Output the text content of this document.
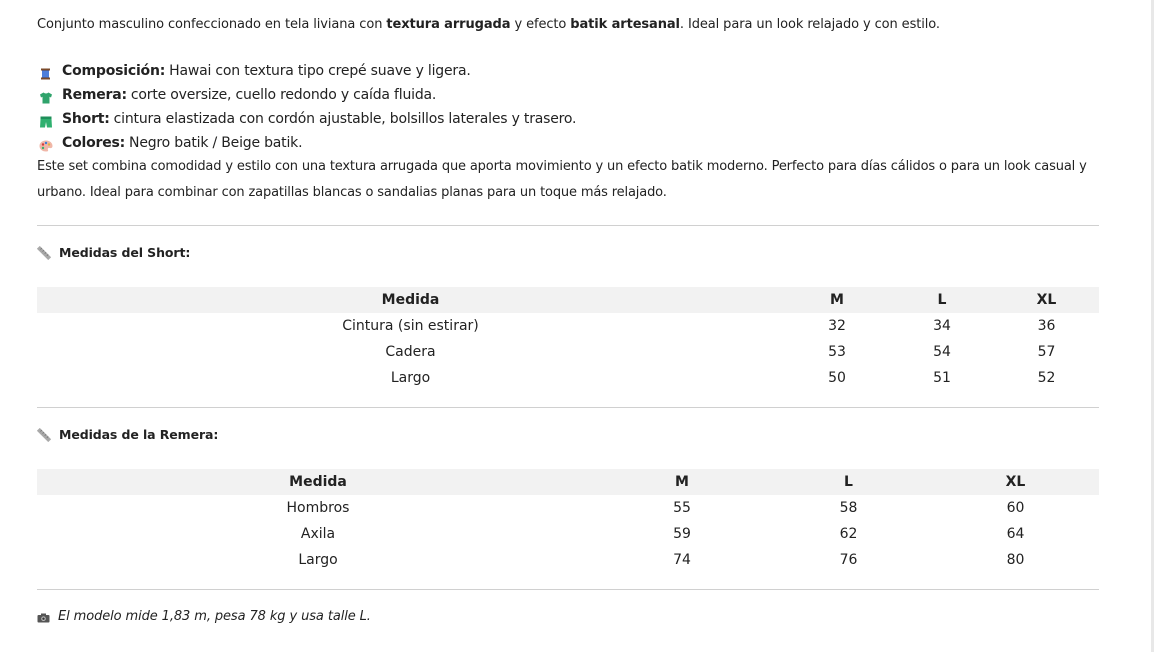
Conjunto masculino confeccionado en tela liviana con textura arrugada y efecto batik artesanal. Ideal para un look relajado y con estilo.
Composición: Hawai con textura tipo crepé suave y ligera.
Remera: corte oversize, cuello redondo y caída fluida.
Short: cintura elastizada con cordón ajustable, bolsillos laterales y trasero.
Colores: Negro batik / Beige batik.
Este set combina comodidad y estilo con una textura arrugada que aporta movimiento y un efecto batik moderno. Perfecto para días cálidos o para un look casual y urbano. Ideal para combinar con zapatillas blancas o sandalias planas para un toque más relajado.
Medidas del Short:
Medida	M	L	XL
Cintura (sin estirar)	32	34	36
Cadera	53	54	57
Largo	50	51	52
Medidas de la Remera:
Medida	M	L	XL
Hombros	55	58	60
Axila	59	62	64
Largo	74	76	80
El modelo mide 1,83 m, pesa 78 kg y usa talle L.
